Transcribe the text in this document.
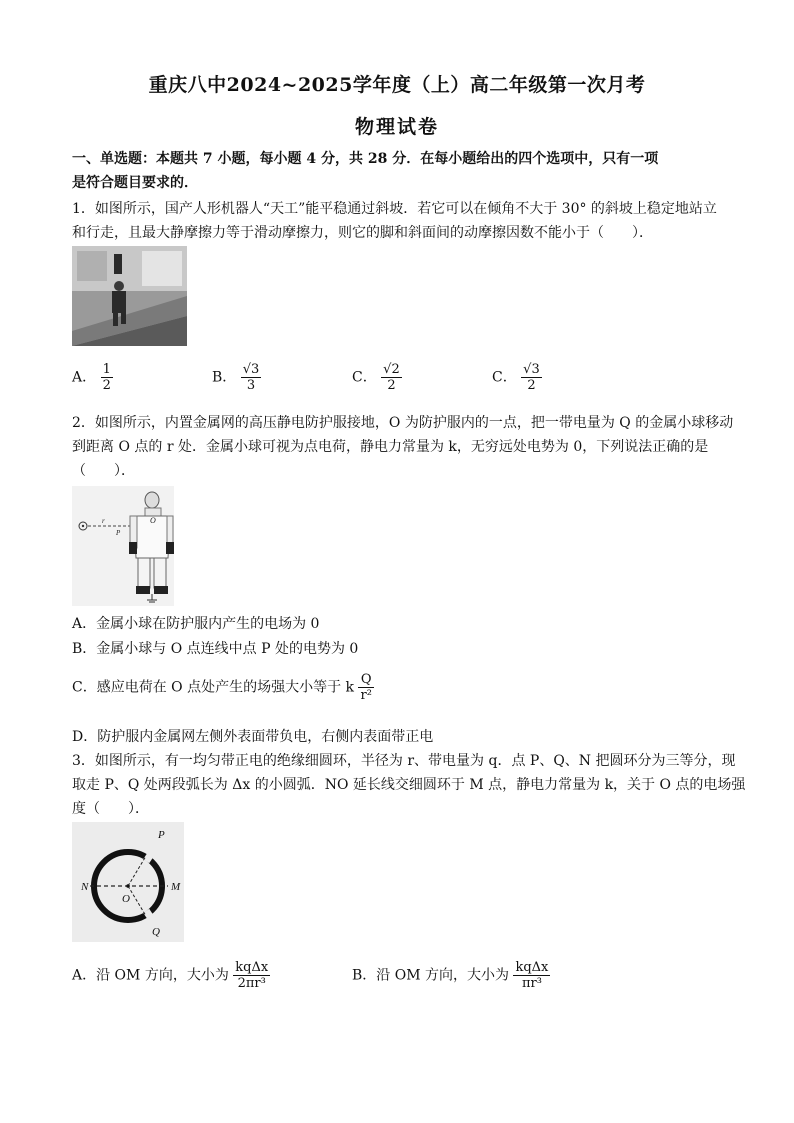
重庆八中2024~2025学年度（上）高二年级第一次月考
物理试卷
一、单选题：本题共 7 小题，每小题 4 分，共 28 分．在每小题给出的四个选项中，只有一项
是符合题目要求的．
1．如图所示，国产人形机器人“天工”能平稳通过斜坡．若它可以在倾角不大于 30° 的斜坡上稳定地站立
和行走，且最大静摩擦力等于滑动摩擦力，则它的脚和斜面间的动摩擦因数不能小于（　　）．
A． $\frac{1}{2}$	B． $\frac{√3}{3}$	C． $\frac{√2}{2}$	C． $\frac{√3}{2}$
2．如图所示，内置金属网的高压静电防护服接地，O 为防护服内的一点，把一带电量为 Q 的金属小球移动
到距离 O 点的 r 处．金属小球可视为点电荷，静电力常量为 k，无穷远处电势为 0，下列说法正确的是
（　　）．
r	O
P
A．金属小球在防护服内产生的电场为 0
B．金属小球与 O 点连线中点 P 处的电势为 0
C．感应电荷在 O 点处产生的场强大小等于 k $\frac{Q}{\text{r²}}$
D．防护服内金属网左侧外表面带负电，右侧内表面带正电
3．如图所示，有一均匀带正电的绝缘细圆环，半径为 r、带电量为 q．点 P、Q、N 把圆环分为三等分，现
取走 P、Q 处两段弧长为 Δx 的小圆弧．NO 延长线交细圆环于 M 点，静电力常量为 k，关于 O 点的电场强
度（　　）．
P
Q
N	M
O
A．沿 OM 方向，大小为 $\frac{\text{kqΔx}}{\text{2πr³}}$	B．沿 OM 方向，大小为 $\frac{\text{kqΔx}}{\text{πr³}}$
